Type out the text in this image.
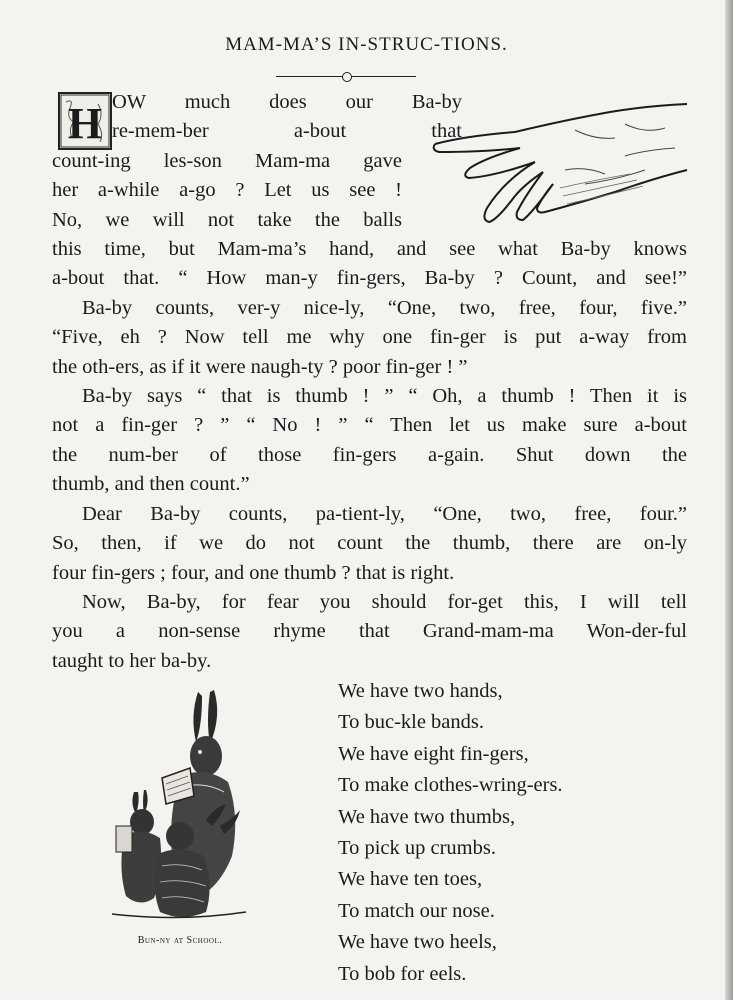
MAM-MA’S IN-STRUC-TIONS.
H OW much does our Ba-by
re-mem-ber a-bout that
count-ing les-son Mam-ma gave
her a-while a-go ? Let us see !
No, we will not take the balls
this time, but Mam-ma’s hand, and see what Ba-by knows
a-bout that. “ How man-y fin-gers, Ba-by ? Count, and see!”
Ba-by counts, ver-y nice-ly, “One, two, free, four, five.”
“Five, eh ? Now tell me why one fin-ger is put a-way from
the oth-ers, as if it were naugh-ty ? poor fin-ger ! ”
Ba-by says “ that is thumb ! ” “ Oh, a thumb ! Then it is
not a fin-ger ? ” “ No ! ” “ Then let us make sure a-bout
the num-ber of those fin-gers a-gain. Shut down the
thumb, and then count.”
Dear Ba-by counts, pa-tient-ly, “One, two, free, four.”
So, then, if we do not count the thumb, there are on-ly
four fin-gers ; four, and one thumb ? that is right.
Now, Ba-by, for fear you should for-get this, I will tell
you a non-sense rhyme that Grand-mam-ma Won-der-ful
taught to her ba-by.
Bun-ny at School.
We have two hands,
To buc-kle bands.
We have eight fin-gers,
To make clothes-wring-ers.
We have two thumbs,
To pick up crumbs.
We have ten toes,
To match our nose.
We have two heels,
To bob for eels.
